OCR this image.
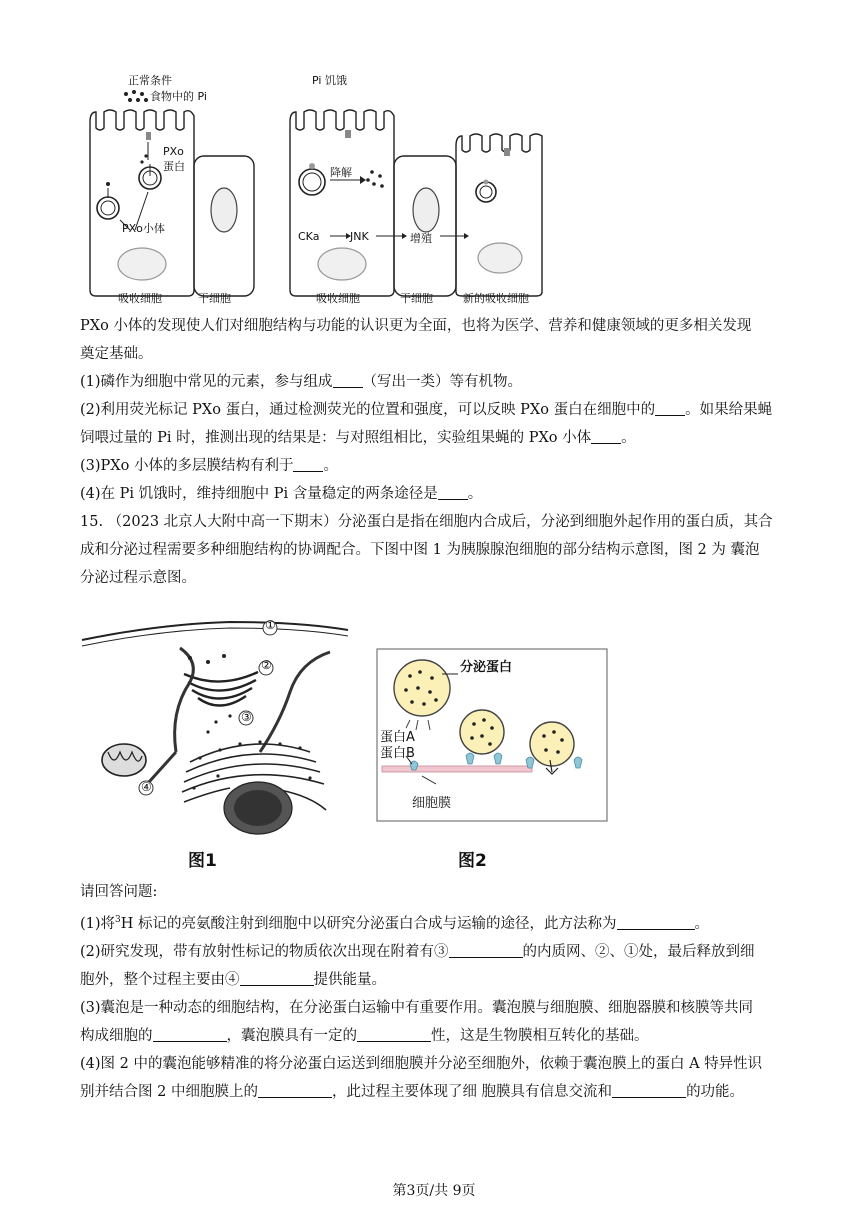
正常条件
食物中的 Pi
PXo
蛋白
PXo小体
吸收细胞	干细胞
Pi 饥饿
降解
CKa	JNK	增殖
吸收细胞	干细胞	新的吸收细胞

PXo 小体的发现使人们对细胞结构与功能的认识更为全面，也将为医学、营养和健康领域的更多相关发现

奠定基础。

(1)磷作为细胞中常见的元素，参与组成 （写出一类）等有机物。

(2)利用荧光标记 PXo 蛋白，通过检测荧光的位置和强度，可以反映 PXo 蛋白在细胞中的 。如果给果蝇

饲喂过量的 Pi 时，推测出现的结果是：与对照组相比，实验组果蝇的 PXo 小体 。

(3)PXo 小体的多层膜结构有利于 。

(4)在 Pi 饥饿时，维持细胞中 Pi 含量稳定的两条途径是 。

15. （2023 北京人大附中高一下期末）分泌蛋白是指在细胞内合成后，分泌到细胞外起作用的蛋白质，其合

成和分泌过程需要多种细胞结构的协调配合。下图中图 1 为胰腺腺泡细胞的部分结构示意图，图 2 为 囊泡

分泌过程示意图。

①
②
③
④
图1
分泌蛋白
蛋白A
蛋白B
细胞膜
图2

请回答问题:

(1)将$^3$H 标记的亮氨酸注射到细胞中以研究分泌蛋白合成与运输的途径，此方法称为	。

(2)研究发现，带有放射性标记的物质依次出现在附着有③	的内质网、②、①处，最后释放到细

胞外，整个过程主要由④	提供能量。

(3)囊泡是一种动态的细胞结构，在分泌蛋白运输中有重要作用。囊泡膜与细胞膜、细胞器膜和核膜等共同

构成细胞的	，囊泡膜具有一定的	性，这是生物膜相互转化的基础。

(4)图 2 中的囊泡能够精准的将分泌蛋白运送到细胞膜并分泌至细胞外，依赖于囊泡膜上的蛋白 A 特异性识

别并结合图 2 中细胞膜上的	，此过程主要体现了细 胞膜具有信息交流和	的功能。

第3页/共 9页
